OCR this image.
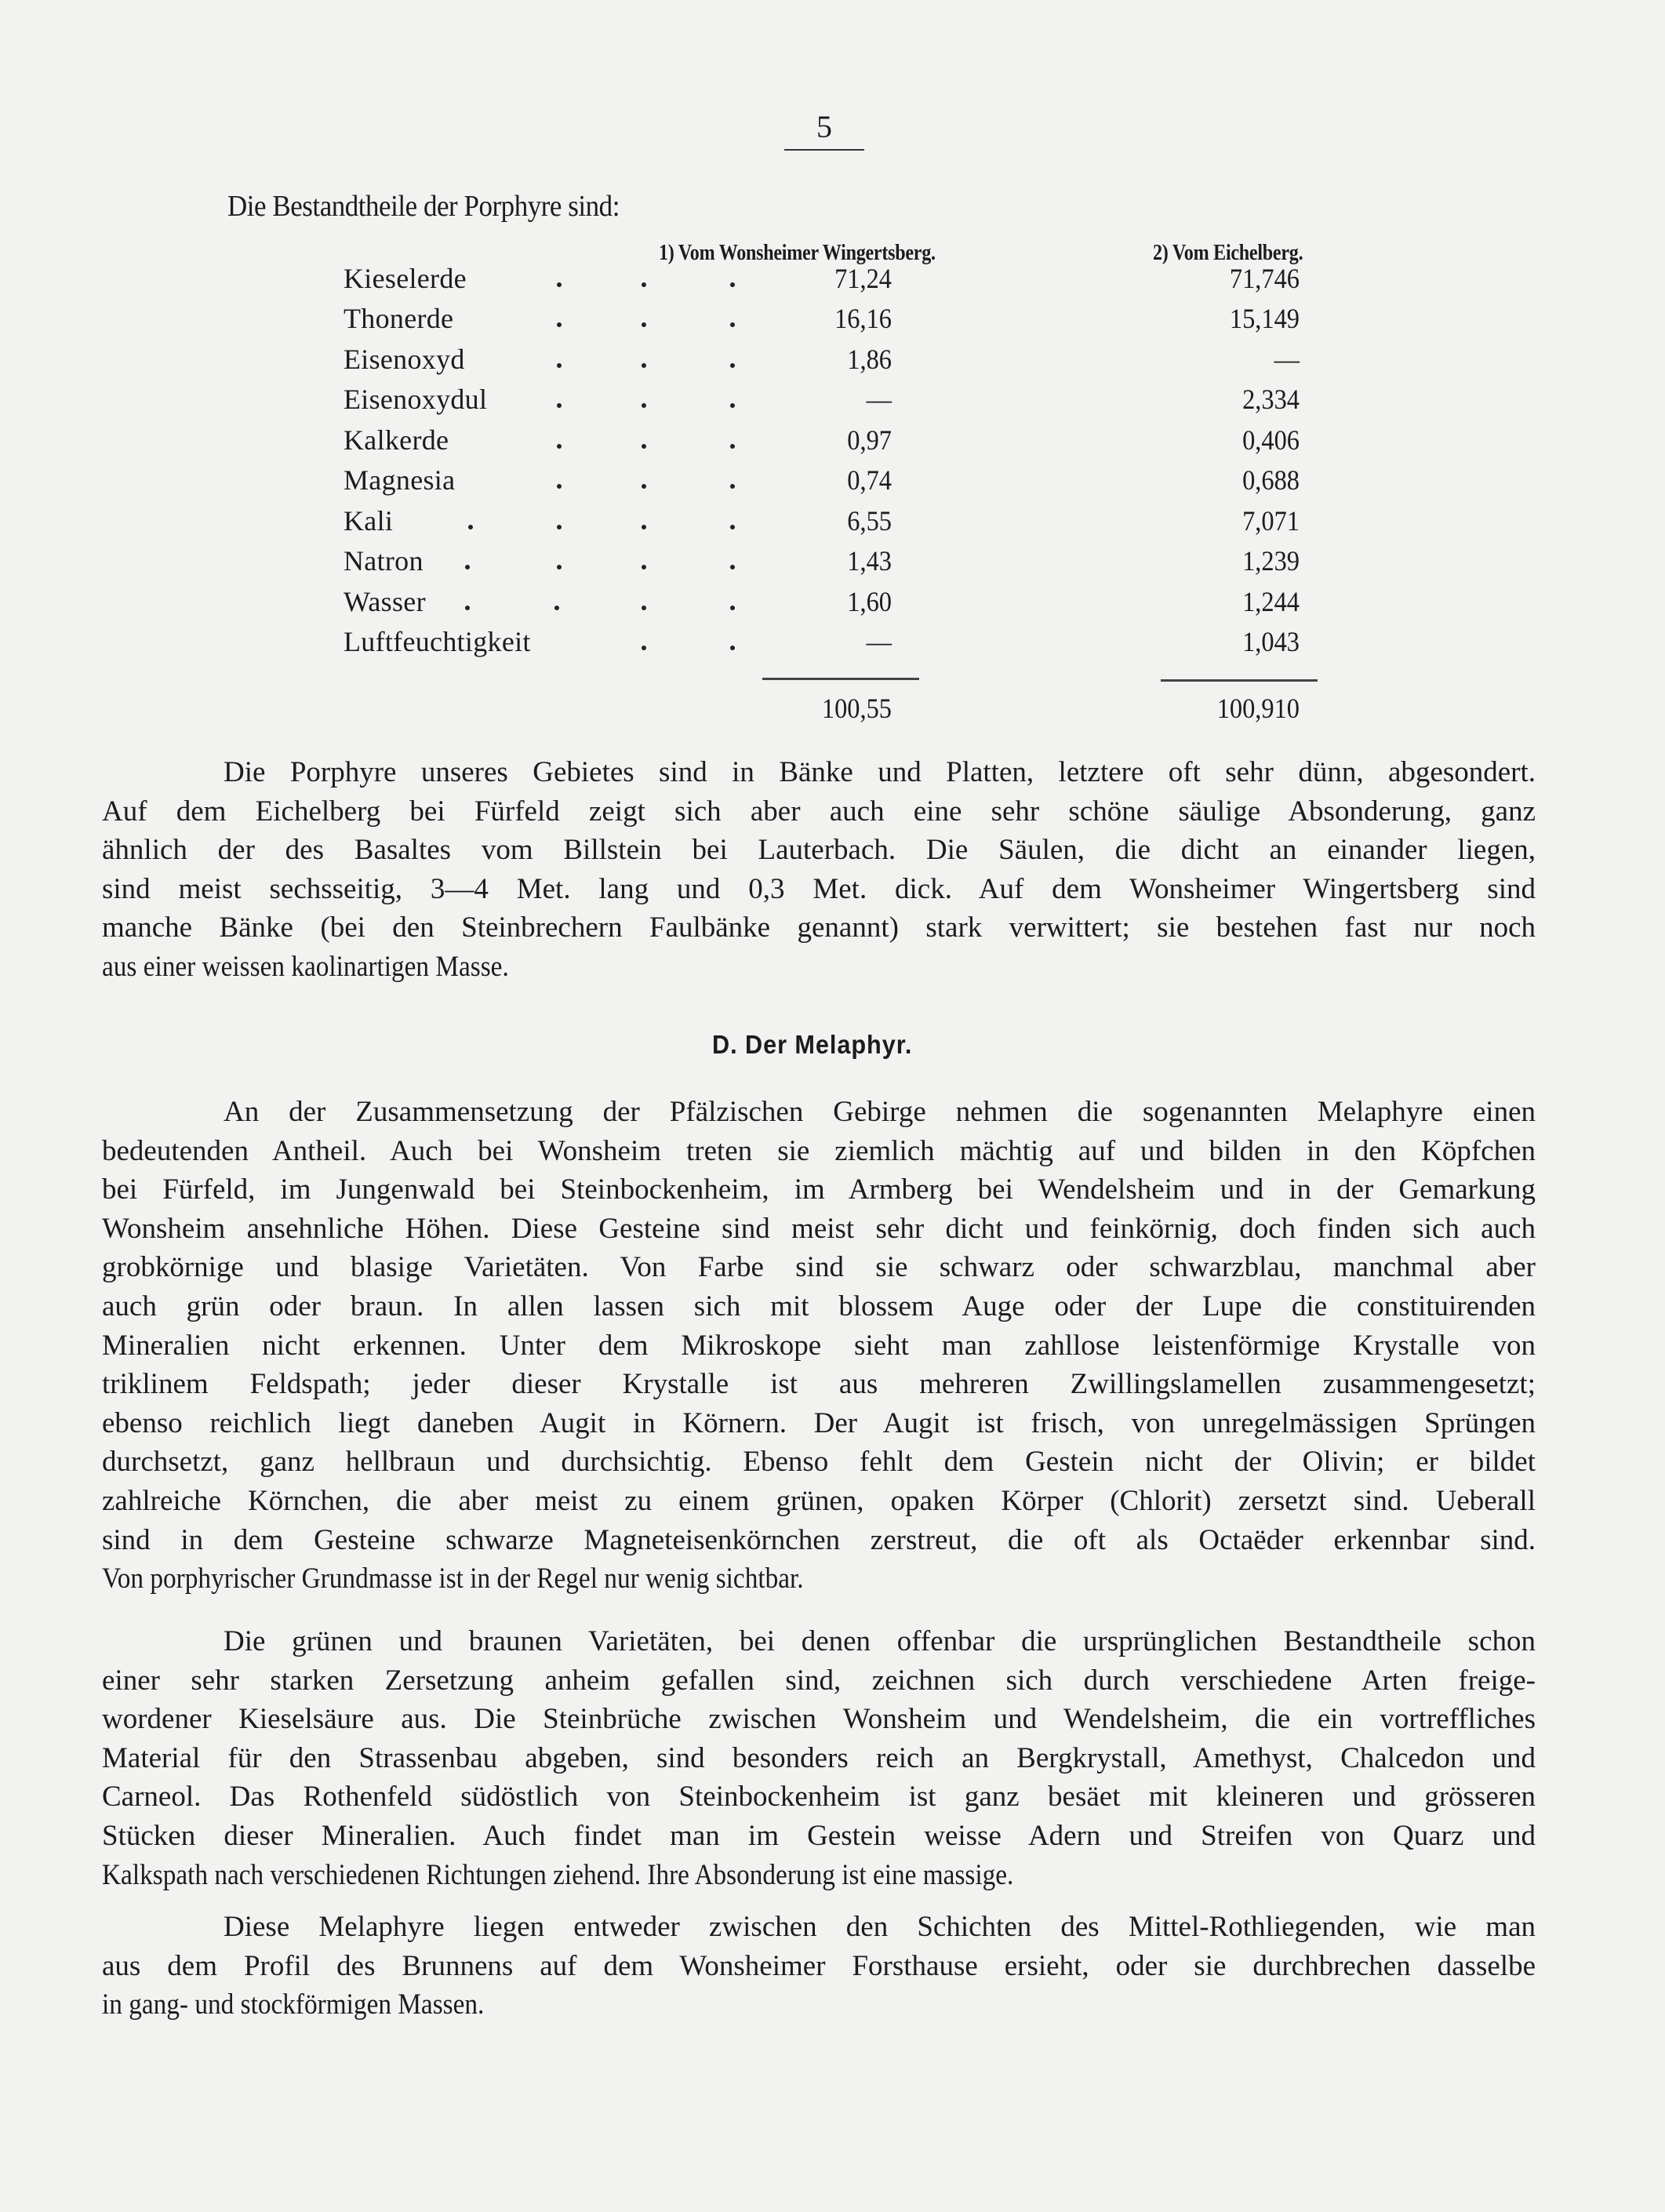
5
Die Bestandtheile der Porphyre sind:
1) Vom Wonsheimer Wingertsberg.	2) Vom Eichelberg.
Kieselerde	71,24	71,746
Thonerde	16,16	15,149
Eisenoxyd	1,86	—
Eisenoxydul	—	2,334
Kalkerde	0,97	0,406
Magnesia	0,74	0,688
Kali	6,55	7,071
Natron	1,43	1,239
Wasser	1,60	1,244
Luftfeuchtigkeit	—	1,043
100,55	100,910
Die Porphyre unseres Gebietes sind in Bänke und Platten, letztere oft sehr dünn, abgesondert.
Auf dem Eichelberg bei Fürfeld zeigt sich aber auch eine sehr schöne säulige Absonderung, ganz
ähnlich der des Basaltes vom Billstein bei Lauterbach. Die Säulen, die dicht an einander liegen,
sind meist sechsseitig, 3—4 Met. lang und 0,3 Met. dick. Auf dem Wonsheimer Wingertsberg sind
manche Bänke (bei den Steinbrechern Faulbänke genannt) stark verwittert; sie bestehen fast nur noch
aus einer weissen kaolinartigen Masse.
D. Der Melaphyr.
An der Zusammensetzung der Pfälzischen Gebirge nehmen die sogenannten Melaphyre einen
bedeutenden Antheil. Auch bei Wonsheim treten sie ziemlich mächtig auf und bilden in den Köpfchen
bei Fürfeld, im Jungenwald bei Steinbockenheim, im Armberg bei Wendelsheim und in der Gemarkung
Wonsheim ansehnliche Höhen. Diese Gesteine sind meist sehr dicht und feinkörnig, doch finden sich auch
grobkörnige und blasige Varietäten. Von Farbe sind sie schwarz oder schwarzblau, manchmal aber
auch grün oder braun. In allen lassen sich mit blossem Auge oder der Lupe die constituirenden
Mineralien nicht erkennen. Unter dem Mikroskope sieht man zahllose leistenförmige Krystalle von
triklinem Feldspath; jeder dieser Krystalle ist aus mehreren Zwillingslamellen zusammengesetzt;
ebenso reichlich liegt daneben Augit in Körnern. Der Augit ist frisch, von unregelmässigen Sprüngen
durchsetzt, ganz hellbraun und durchsichtig. Ebenso fehlt dem Gestein nicht der Olivin; er bildet
zahlreiche Körnchen, die aber meist zu einem grünen, opaken Körper (Chlorit) zersetzt sind. Ueberall
sind in dem Gesteine schwarze Magneteisenkörnchen zerstreut, die oft als Octaëder erkennbar sind.
Von porphyrischer Grundmasse ist in der Regel nur wenig sichtbar.
Die grünen und braunen Varietäten, bei denen offenbar die ursprünglichen Bestandtheile schon
einer sehr starken Zersetzung anheim gefallen sind, zeichnen sich durch verschiedene Arten freige-
wordener Kieselsäure aus. Die Steinbrüche zwischen Wonsheim und Wendelsheim, die ein vortreffliches
Material für den Strassenbau abgeben, sind besonders reich an Bergkrystall, Amethyst, Chalcedon und
Carneol. Das Rothenfeld südöstlich von Steinbockenheim ist ganz besäet mit kleineren und grösseren
Stücken dieser Mineralien. Auch findet man im Gestein weisse Adern und Streifen von Quarz und
Kalkspath nach verschiedenen Richtungen ziehend. Ihre Absonderung ist eine massige.
Diese Melaphyre liegen entweder zwischen den Schichten des Mittel-Rothliegenden, wie man
aus dem Profil des Brunnens auf dem Wonsheimer Forsthause ersieht, oder sie durchbrechen dasselbe
in gang- und stockförmigen Massen.
